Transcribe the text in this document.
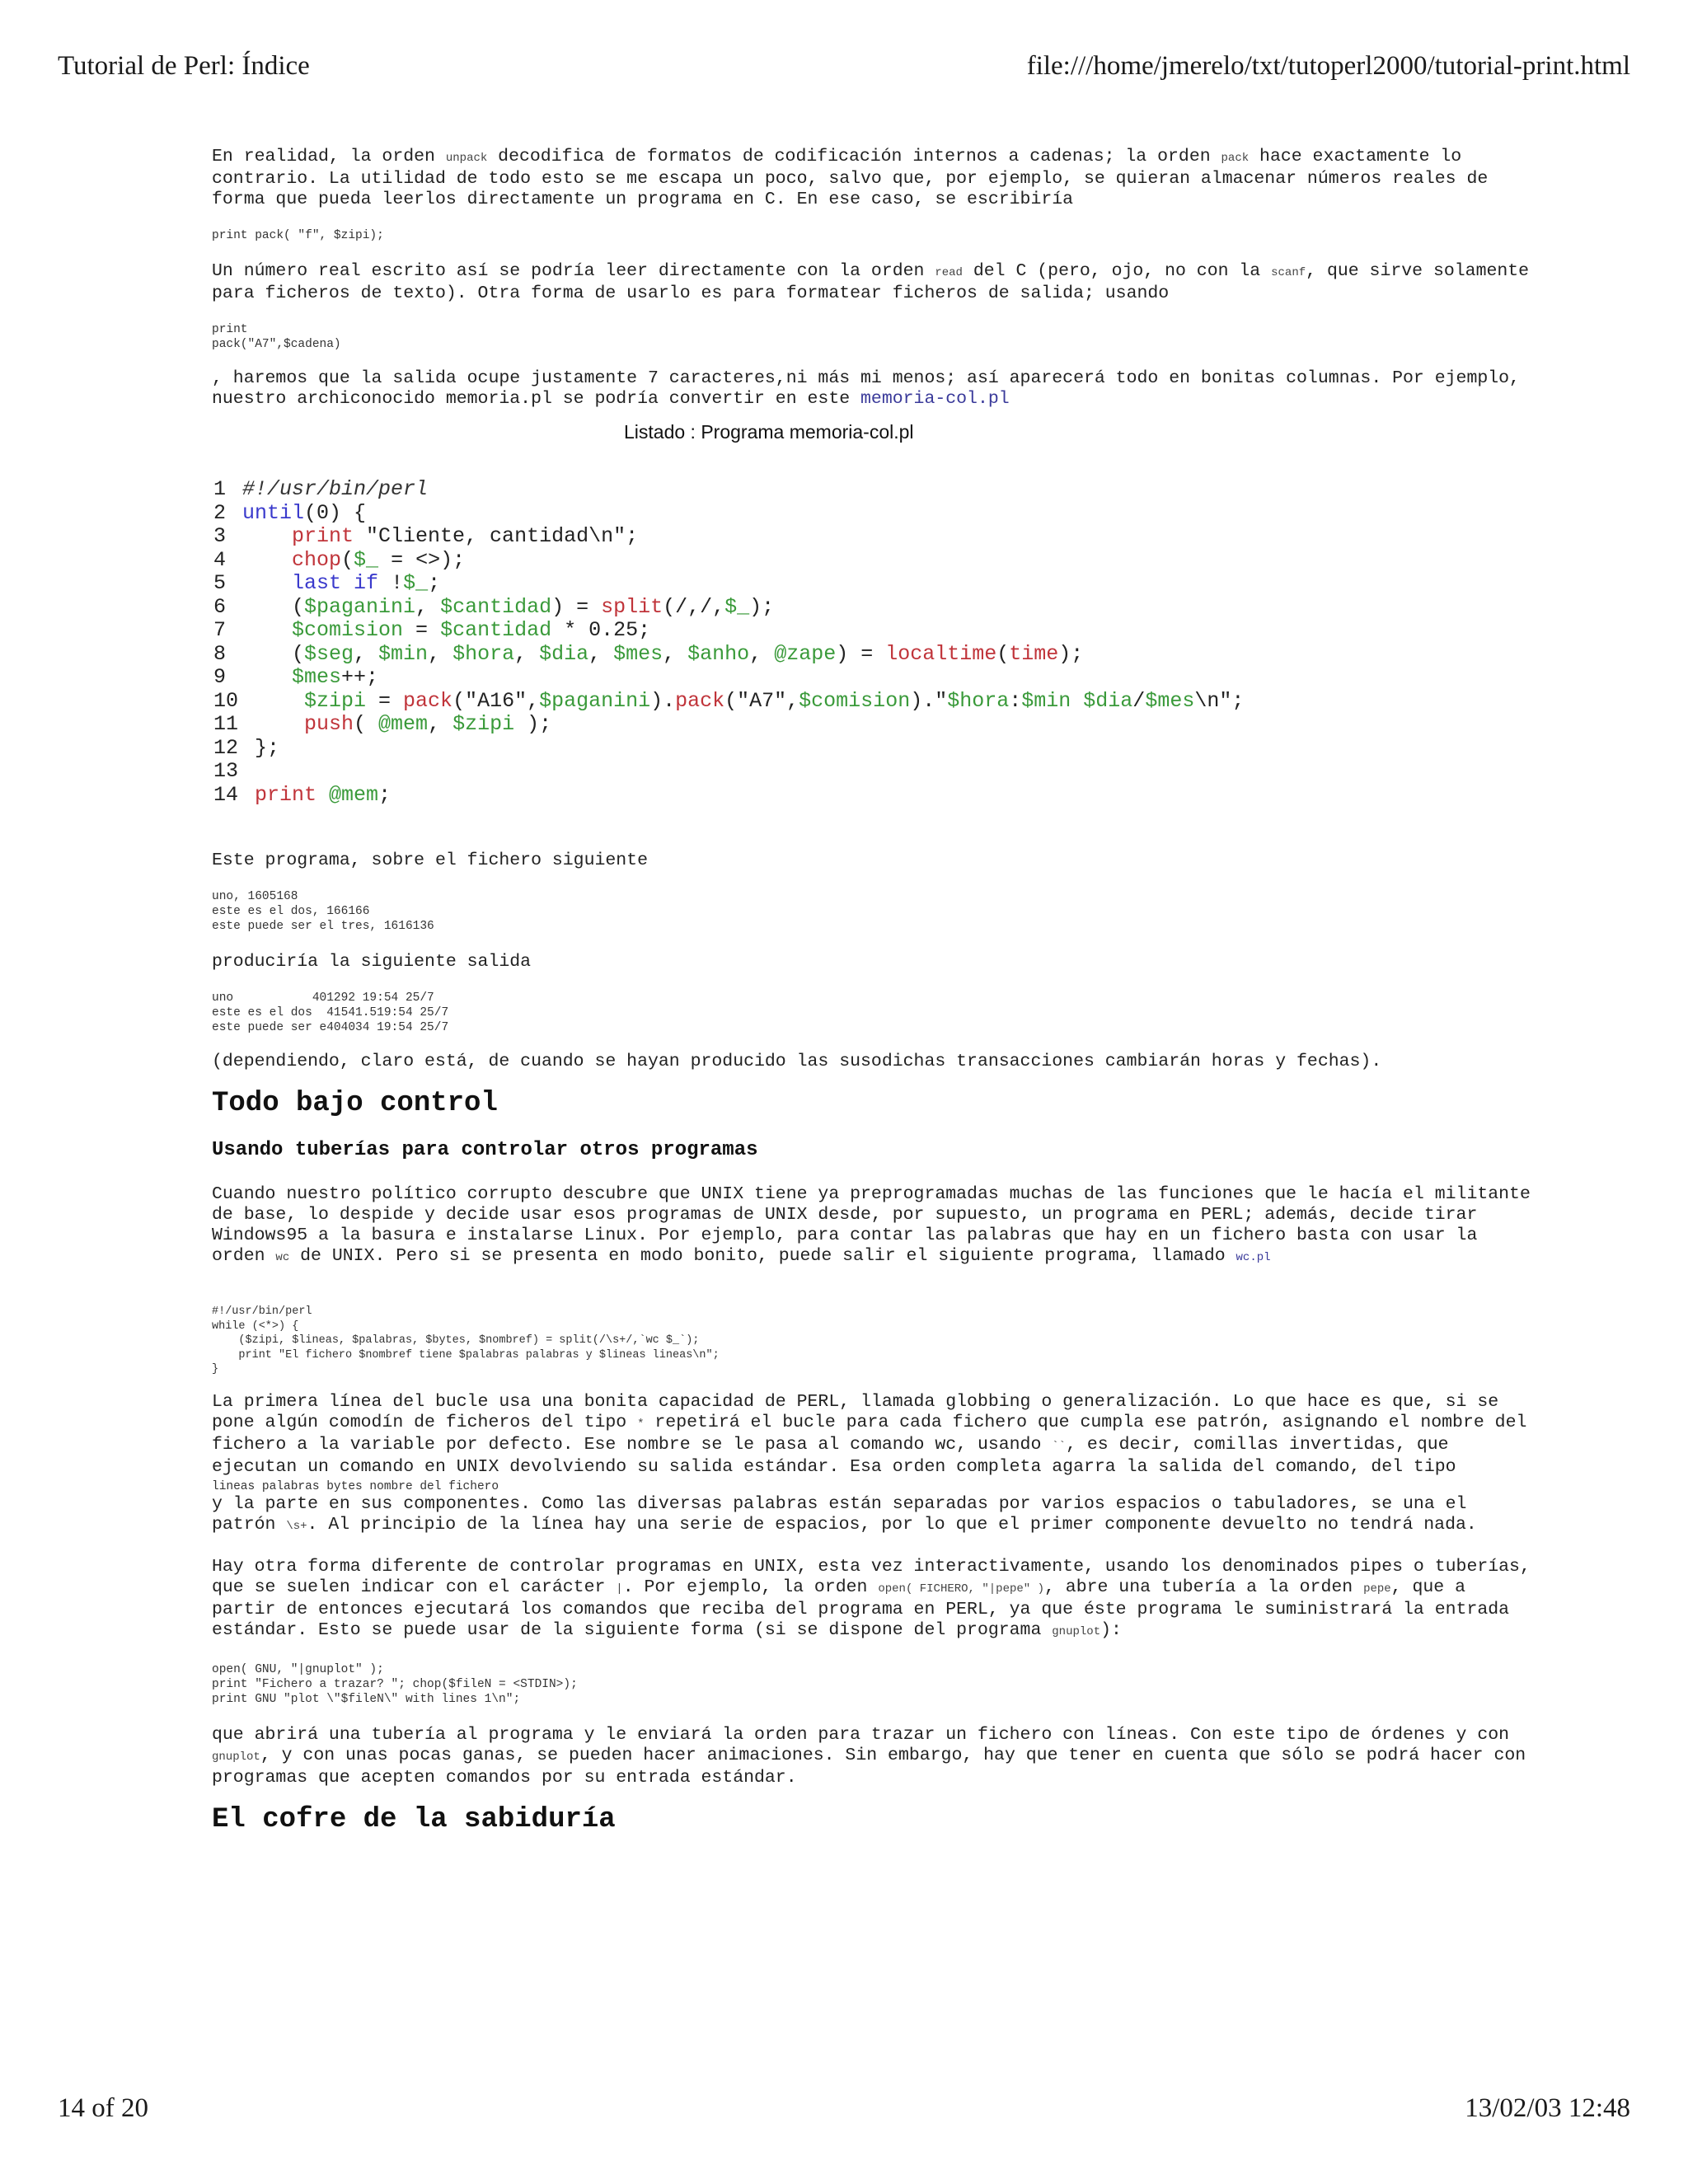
Tutorial de Perl: Índice	file:///home/jmerelo/txt/tutoperl2000/tutorial-print.html

En realidad, la orden unpack decodifica de formatos de codificación internos a cadenas; la orden pack hace exactamente lo contrario. La utilidad de todo esto se me escapa un poco, salvo que, por ejemplo, se quieran almacenar números reales de forma que pueda leerlos directamente un programa en C. En ese caso, se escribiría

print pack( "f", $zipi);

Un número real escrito así se podría leer directamente con la orden read del C (pero, ojo, no con la scanf, que sirve solamente para ficheros de texto). Otra forma de usarlo es para formatear ficheros de salida; usando

print
pack("A7",$cadena)

, haremos que la salida ocupe justamente 7 caracteres,ni más mi menos; así aparecerá todo en bonitas columnas. Por ejemplo, nuestro archiconocido memoria.pl se podría convertir en este memoria-col.pl

Listado : Programa memoria-col.pl
1
2
3
4
5
6
7
8
9
10
11
12
13
14
#!/usr/bin/perl
until(0) {
print "Cliente, cantidad\n";
chop($_ = <>);
last if !$_;
($paganini, $cantidad) = split(/,/,$_);
$comision = $cantidad * 0.25;
($seg, $min, $hora, $dia, $mes, $anho, @zape) = localtime(time);
$mes++;
$zipi = pack("A16",$paganini).pack("A7",$comision)."$hora:$min $dia/$mes\n";
push( @mem, $zipi );
};

print @mem;

Este programa, sobre el fichero siguiente

uno, 1605168
este es el dos, 166166
este puede ser el tres, 1616136

produciría la siguiente salida

uno           401292 19:54 25/7
este es el dos  41541.519:54 25/7
este puede ser e404034 19:54 25/7

(dependiendo, claro está, de cuando se hayan producido las susodichas transacciones cambiarán horas y fechas).

Todo bajo control
Usando tuberías para controlar otros programas

Cuando nuestro político corrupto descubre que UNIX tiene ya preprogramadas muchas de las funciones que le hacía el militante de base, lo despide y decide usar esos programas de UNIX desde, por supuesto, un programa en PERL; además, decide tirar Windows95 a la basura e instalarse Linux. Por ejemplo, para contar las palabras que hay en un fichero basta con usar la orden wc de UNIX. Pero si se presenta en modo bonito, puede salir el siguiente programa, llamado wc.pl

#!/usr/bin/perl
while (<*>) {
($zipi, $lineas, $palabras, $bytes, $nombref) = split(/\s+/,`wc $_`);
print "El fichero $nombref tiene $palabras palabras y $lineas lineas\n";
}

La primera línea del bucle usa una bonita capacidad de PERL, llamada globbing o generalización. Lo que hace es que, si se pone algún comodín de ficheros del tipo * repetirá el bucle para cada fichero que cumpla ese patrón, asignando el nombre del fichero a la variable por defecto. Ese nombre se le pasa al comando wc, usando ``, es decir, comillas invertidas, que ejecutan un comando en UNIX devolviendo su salida estándar. Esa orden completa agarra la salida del comando, del tipo

lineas palabras bytes nombre del fichero

y la parte en sus componentes. Como las diversas palabras están separadas por varios espacios o tabuladores, se una el patrón \s+. Al principio de la línea hay una serie de espacios, por lo que el primer componente devuelto no tendrá nada.

Hay otra forma diferente de controlar programas en UNIX, esta vez interactivamente, usando los denominados pipes o tuberías, que se suelen indicar con el carácter |. Por ejemplo, la orden open( FICHERO, "|pepe" ), abre una tubería a la orden pepe, que a partir de entonces ejecutará los comandos que reciba del programa en PERL, ya que éste programa le suministrará la entrada estándar. Esto se puede usar de la siguiente forma (si se dispone del programa gnuplot):

open( GNU, "|gnuplot" );
print "Fichero a trazar? "; chop($fileN = <STDIN>);
print GNU "plot \"$fileN\" with lines 1\n";

que abrirá una tubería al programa y le enviará la orden para trazar un fichero con líneas. Con este tipo de órdenes y con gnuplot, y con unas pocas ganas, se pueden hacer animaciones. Sin embargo, hay que tener en cuenta que sólo se podrá hacer con programas que acepten comandos por su entrada estándar.

El cofre de la sabiduría
14 of 20	13/02/03 12:48
